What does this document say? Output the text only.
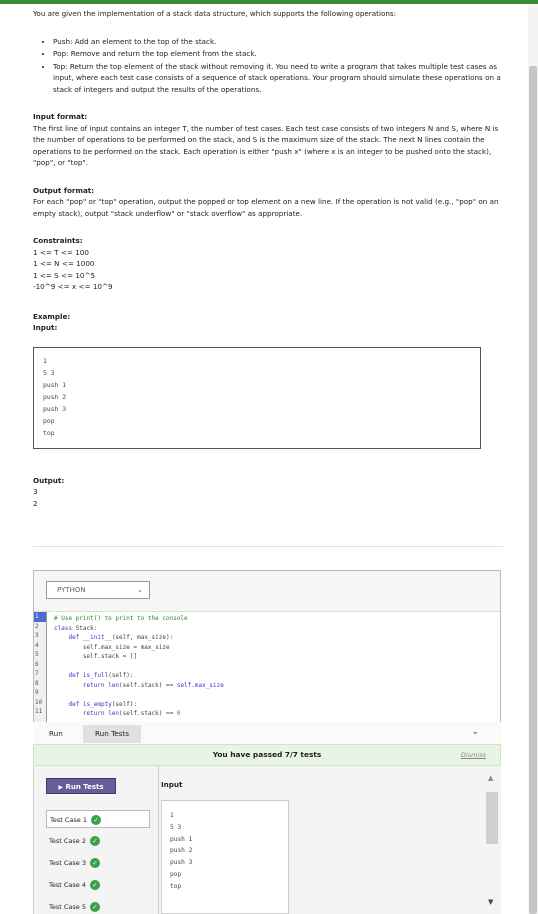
You are given the implementation of a stack data structure, which supports the following operations:

• Push: Add an element to the top of the stack.
• Pop: Remove and return the top element from the stack.
• Top: Return the top element of the stack without removing it. You need to write a program that takes multiple test cases as input, where each test case consists of a sequence of stack operations. Your program should simulate these operations on a stack of integers and output the results of the operations.

Input format:

The first line of input contains an integer T, the number of test cases. Each test case consists of two integers N and S, where N is the number of operations to be performed on the stack, and S is the maximum size of the stack. The next N lines contain the operations to be performed on the stack. Each operation is either "push x" (where x is an integer to be pushed onto the stack), "pop", or "top".

Output format:

For each "pop" or "top" operation, output the popped or top element on a new line. If the operation is not valid (e.g., "pop" on an empty stack), output "stack underflow" or "stack overflow" as appropriate.

Constraints:

1 <= T <= 100

1 <= N <= 1000

1 <= S <= 10^5

-10^9 <= x <= 10^9

Example:

Input:

1
5 3
push 1
push 2
push 3
pop
top

Output:

3

2

PYTHON	⌄
1
2
3
4
5
6
7
8
9
10
11
# Use print() to print to the console
class Stack:
def __init__(self, max_size):
self.max_size = max_size
self.stack = []
def is_full(self):
return len(self.stack) == self.max_size
def is_empty(self):
return len(self.stack) == 0
Run	Run Tests	⌄
You have passed 7/7 tests	Dismiss
▶ Run Tests
Test Case 1 ✓
Test Case 2 ✓
Test Case 3 ✓
Test Case 4 ✓
Test Case 5 ✓
Input
1
5 3
push 1
push 2
push 3
pop
top
▲
▼
